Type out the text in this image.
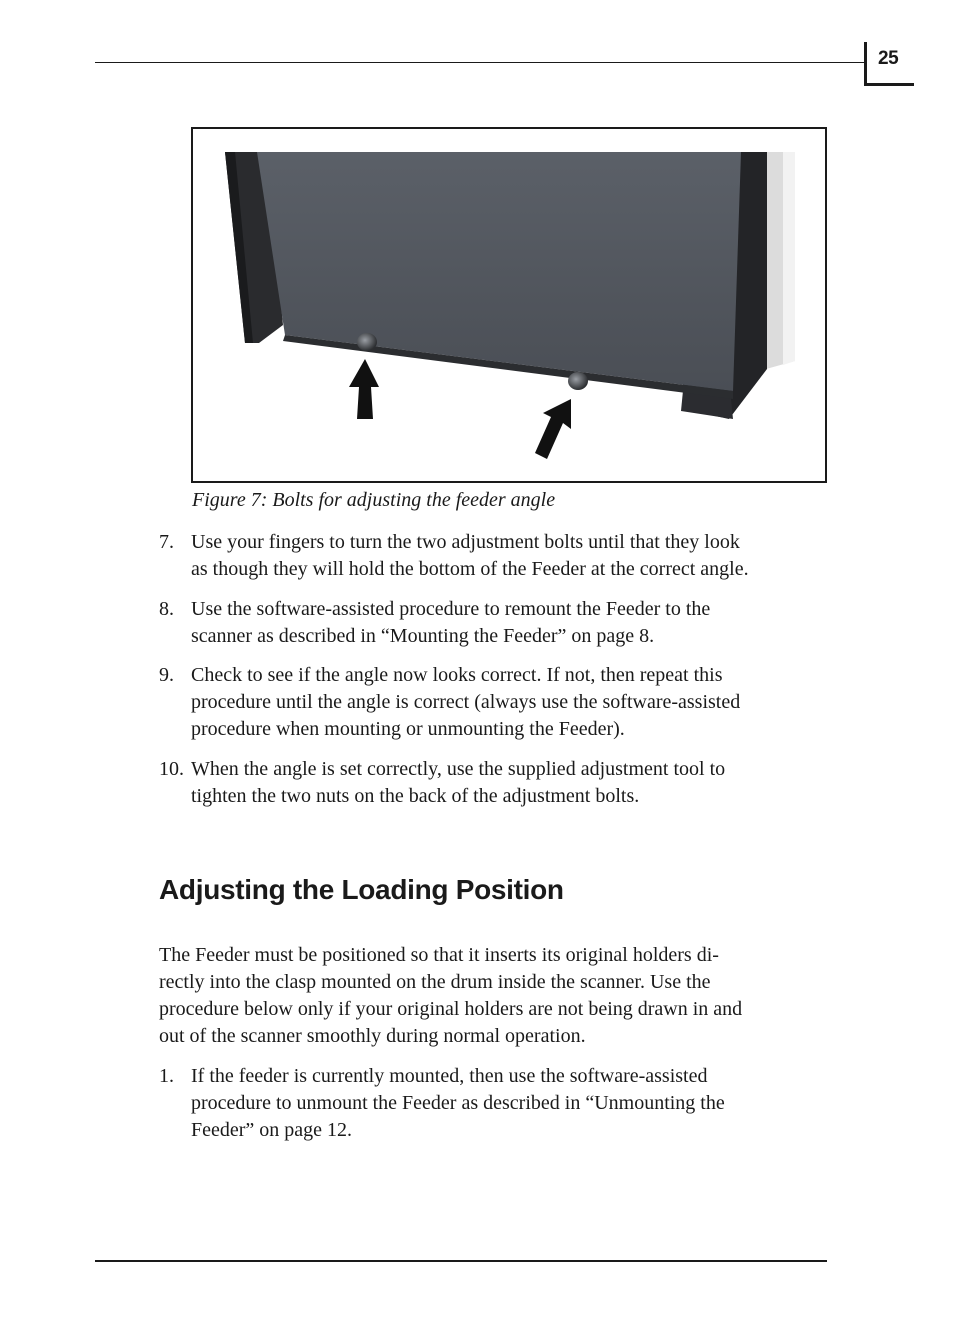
25
Figure 7: Bolts for adjusting the feeder angle
7. Use your fingers to turn the two adjustment bolts until that they look
as though they will hold the bottom of the Feeder at the correct angle.
8. Use the software-assisted procedure to remount the Feeder to the
scanner as described in “Mounting the Feeder” on page 8.
9. Check to see if the angle now looks correct. If not, then repeat this
procedure until the angle is correct (always use the software-assisted
procedure when mounting or unmounting the Feeder).
10. When the angle is set correctly, use the supplied adjustment tool to
tighten the two nuts on the back of the adjustment bolts.
Adjusting the Loading Position
The Feeder must be positioned so that it inserts its original holders di-
rectly into the clasp mounted on the drum inside the scanner. Use the
procedure below only if your original holders are not being drawn in and
out of the scanner smoothly during normal operation.
1. If the feeder is currently mounted, then use the software-assisted
procedure to unmount the Feeder as described in “Unmounting the
Feeder” on page 12.
